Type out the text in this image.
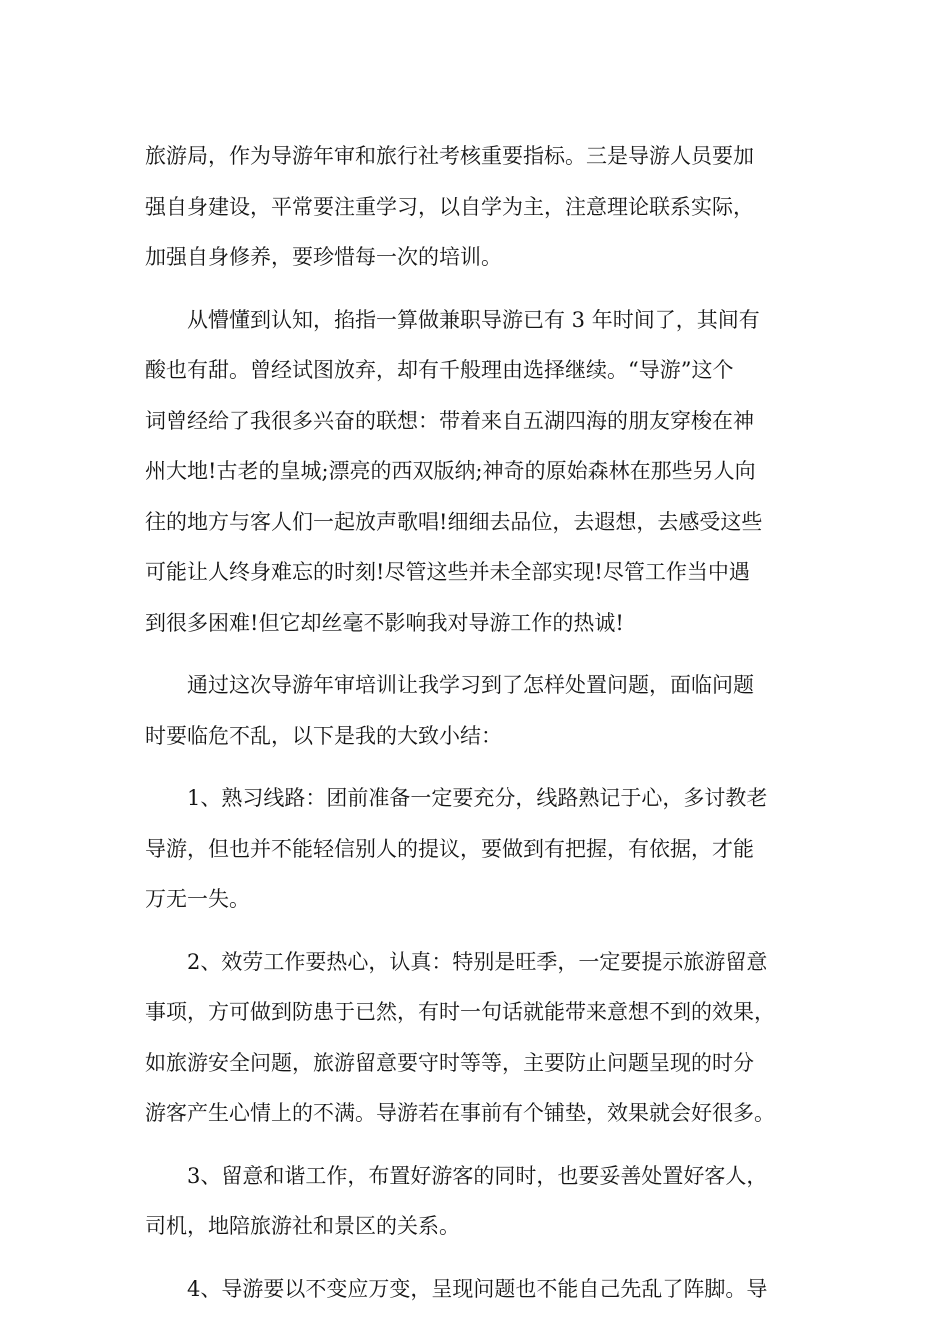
旅游局，作为导游年审和旅行社考核重要指标。三是导游人员要加
强自身建设，平常要注重学习，以自学为主，注意理论联系实际，
加强自身修养，要珍惜每一次的培训。
从懵懂到认知，掐指一算做兼职导游已有 3 年时间了，其间有
酸也有甜。曾经试图放弃，却有千般理由选择继续。“导游”这个
词曾经给了我很多兴奋的联想：带着来自五湖四海的朋友穿梭在神
州大地!古老的皇城;漂亮的西双版纳;神奇的原始森林在那些另人向
往的地方与客人们一起放声歌唱!细细去品位，去遐想，去感受这些
可能让人终身难忘的时刻!尽管这些并未全部实现!尽管工作当中遇
到很多困难!但它却丝毫不影响我对导游工作的热诚!
通过这次导游年审培训让我学习到了怎样处置问题，面临问题
时要临危不乱，以下是我的大致小结：
1、熟习线路：团前准备一定要充分，线路熟记于心，多讨教老
导游，但也并不能轻信别人的提议，要做到有把握，有依据，才能
万无一失。
2、效劳工作要热心，认真：特别是旺季，一定要提示旅游留意
事项，方可做到防患于已然，有时一句话就能带来意想不到的效果，
如旅游安全问题，旅游留意要守时等等，主要防止问题呈现的时分
游客产生心情上的不满。导游若在事前有个铺垫，效果就会好很多。
3、留意和谐工作，布置好游客的同时，也要妥善处置好客人，
司机，地陪旅游社和景区的关系。
4、导游要以不变应万变，呈现问题也不能自己先乱了阵脚。导
